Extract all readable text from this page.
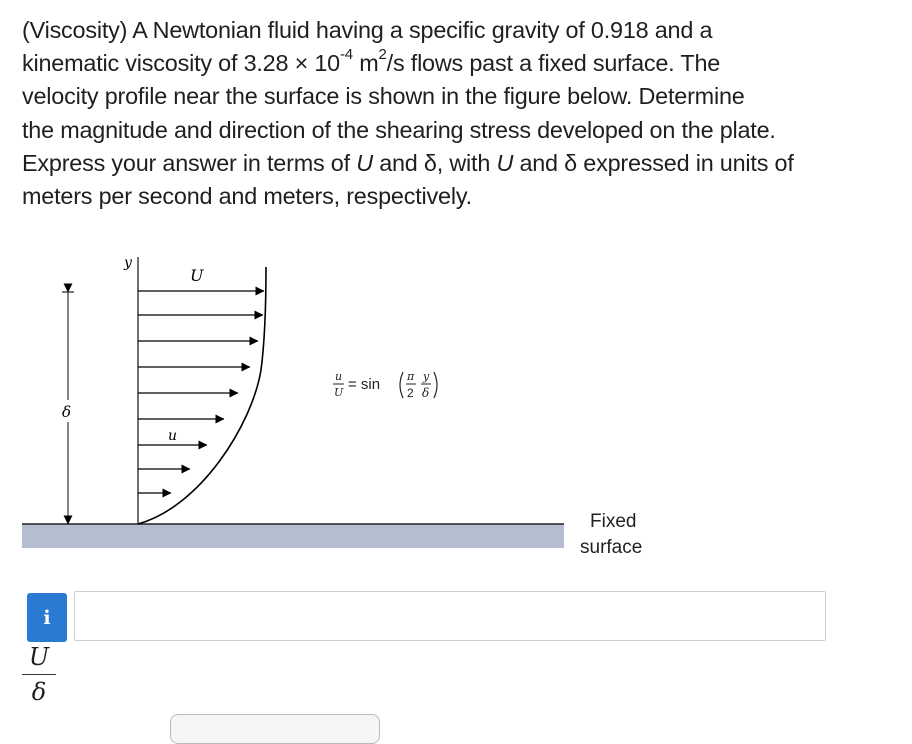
(Viscosity) A Newtonian fluid having a specific gravity of 0.918 and a
kinematic viscosity of $3.28 \times 10^{-4}$ $m^2/s$ flows past a fixed surface. The
velocity profile near the surface is shown in the figure below. Determine
the magnitude and direction of the shearing stress developed on the plate.
Express your answer in terms of U and δ, with U and δ expressed in units of
meters per second and meters, respectively.
y
U
u
δ
u
U = sin π
2
y
δ
Fixed
surface
i
$\frac{U}{\delta}$
